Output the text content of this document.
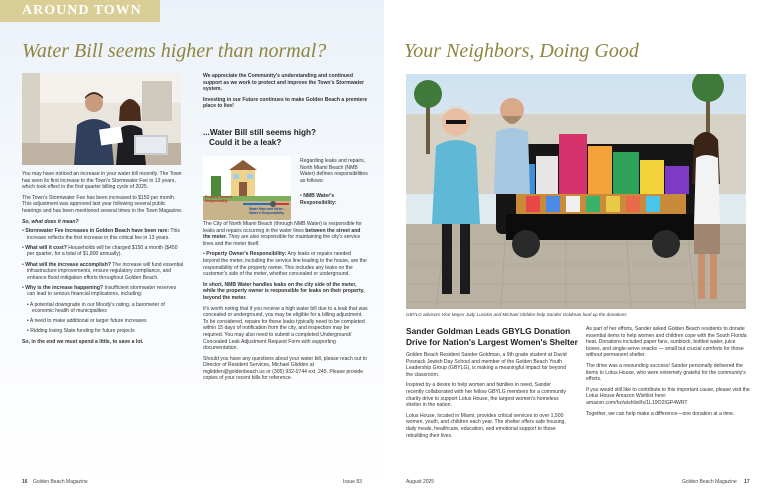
AROUND TOWN
Water Bill seems higher than normal?

You may have noticed an increase in your water bill recently. The Town has seen its first increase to the Town's Stormwater Fee in 13 years, which took effect in the first quarter billing cycle of 2025.

The Town's Stormwater Fee has been increased to $150 per month. This adjustment was approved last year following several public hearings and has been mentioned several times in the Town Magazine.

So, what does it mean?

• Stormwater Fee increases in Golden Beach have been rare: This increase reflects the first increase in this critical fee in 13 years.
• What will it cost? Households will be charged $150 a month ($450 per quarter, for a total of $1,800 annually).
• What will the increase accomplish? The increase will fund essential infrastructure improvements, ensure regulatory compliance, and enhance flood mitigation efforts throughout Golden Beach.
• Why is the increase happening? Insufficient stormwater reserves can lead to serious financial implications, including:
• A potential downgrade in our Moody's rating, a barometer of economic health of municipalities
• A need to make additional or larger future increases
• Ridding losing State funding for future projects

So, in the end we must spend a little, to save a lot.

We appreciate the Community's understanding and continued support as we work to protect and improve the Town's Stormwater system.

Investing in our Future continues to make Golden Beach a premiere place to live!

...Water Bill still seems high?
Could it be a leak?
Property Owner's Responsibility
Water Main and Meter – Water's Responsibility

Regarding leaks and repairs, North Miami Beach (NMB Water) defines responsibilities as follows:

• NMB Water's Responsibility:

The City of North Miami Beach (through NMB Water) is responsible for leaks and repairs occurring in the water lines between the street and the meter. They are also responsible for maintaining the city's service lines and the meter itself.

• Property Owner's Responsibility: Any leaks or repairs needed beyond the meter, including the service line leading to the house, are the responsibility of the property owner. This includes any leaks on the customer's side of the meter, whether concealed or underground.

In short, NMB Water handles leaks on the city side of the meter, while the property owner is responsible for leaks on their property, beyond the meter.

It's worth noting that if you receive a high water bill due to a leak that was concealed or underground, you may be eligible for a billing adjustment. To be considered, repairs for these leaks typically need to be completed within 15 days of notification from the city, and inspection may be required. You may also need to submit a completed Underground/ Concealed Leak Adjustment Request Form with supporting documentation.

Should you have any questions about your water bill, please reach out to Director of Resident Services, Michael Glidden at mglidden@goldenbeach.us or (305) 932-0744 ext. 245. Please provide copies of your recent bills for reference.

16 Golden Beach Magazine	Issue 83
Your Neighbors, Doing Good
GBYLG advisors Vice Mayor Judy Lusskin and Michael Glidden help Sander Goldman load up the donations
Sander Goldman Leads GBYLG Donation
Drive for Nation's Largest Women's Shelter

Golden Beach Resident Sander Goldman, a 9th grade student at David Posnack Jewish Day School and member of the Golden Beach Youth Leadership Group (GBYLG), is making a meaningful impact far beyond the classroom.

Inspired by a desire to help women and families in need, Sander recently collaborated with her fellow GBYLG members for a community charity drive to support Lotus House, the largest women's homeless shelter in the nation.

Lotus House, located in Miami, provides critical services to over 1,500 women, youth, and children each year. The shelter offers safe housing, daily meals, healthcare, education, and emotional support to those rebuilding their lives.

As part of her efforts, Sander asked Golden Beach residents to donate essential items to help women and children cope with the South Florida heat. Donations included paper fans, sunblock, bottled water, juice boxes, and single-serve snacks — small but crucial comforts for those without permanent shelter.

The drive was a resounding success! Sander personally delivered the items to Lotus House, who were extremely grateful for the community's efforts.

If you would still like to contribute to this important cause, please visit the Lotus House Amazon Wishlist here: amazon.com/hz/wishlist/ls/1L19O2IGP4WRT

Together, we can help make a difference—one donation at a time.

August 2025	Golden Beach Magazine 17
